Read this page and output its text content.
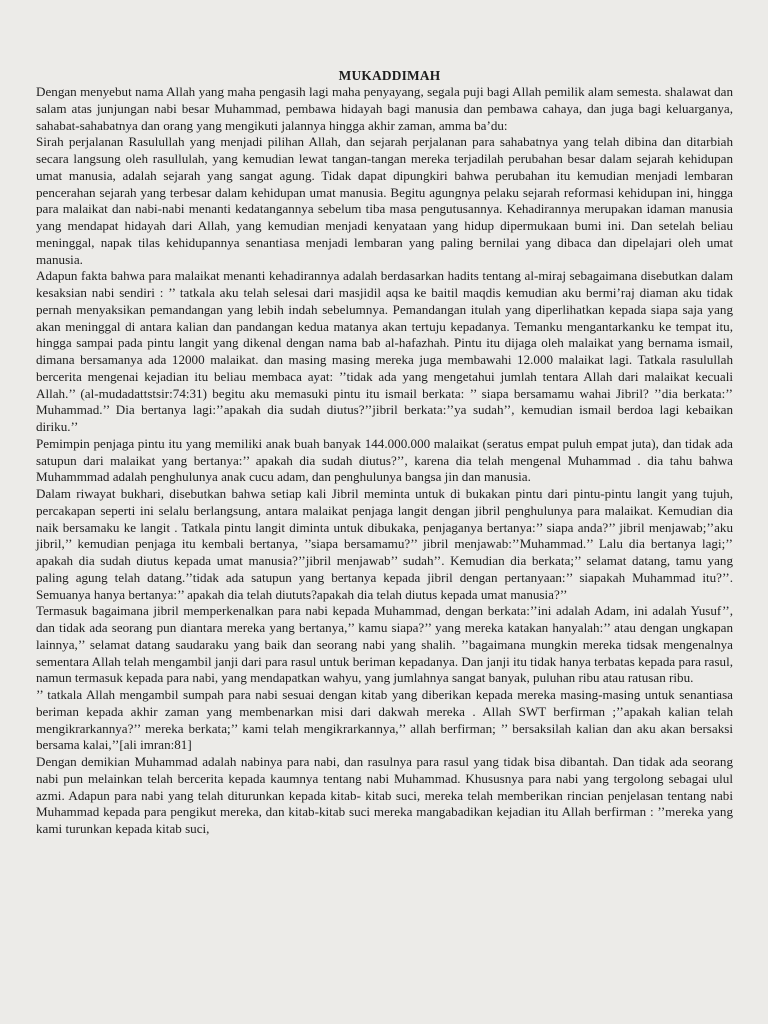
MUKADDIMAH

Dengan menyebut nama Allah yang maha pengasih lagi maha penyayang, segala puji bagi Allah pemilik alam semesta. shalawat dan salam atas junjungan nabi besar Muhammad, pembawa hidayah bagi manusia dan pembawa cahaya, dan juga bagi keluarganya, sahabat-sahabatnya dan orang yang mengikuti jalannya hingga akhir zaman, amma ba’du:

Sirah perjalanan Rasulullah yang menjadi pilihan Allah, dan sejarah perjalanan para sahabatnya yang telah dibina dan ditarbiah secara langsung oleh rasullulah, yang kemudian lewat tangan-tangan mereka terjadilah perubahan besar dalam sejarah kehidupan umat manusia, adalah sejarah yang sangat agung. Tidak dapat dipungkiri bahwa perubahan itu kemudian menjadi lembaran pencerahan sejarah yang terbesar dalam kehidupan umat manusia. Begitu agungnya pelaku sejarah reformasi kehidupan ini, hingga para malaikat dan nabi-nabi menanti kedatangannya sebelum tiba masa pengutusannya. Kehadirannya merupakan idaman manusia yang mendapat hidayah dari Allah, yang kemudian menjadi kenyataan yang hidup dipermukaan bumi ini. Dan setelah beliau meninggal, napak tilas kehidupannya senantiasa menjadi lembaran yang paling bernilai yang dibaca dan dipelajari oleh umat manusia.

Adapun fakta bahwa para malaikat menanti kehadirannya adalah berdasarkan hadits tentang al-miraj sebagaimana disebutkan dalam kesaksian nabi sendiri : ’’ tatkala aku telah selesai dari masjidil aqsa ke baitil maqdis kemudian aku bermi’raj diaman aku tidak pernah menyaksikan pemandangan yang lebih indah sebelumnya. Pemandangan itulah yang diperlihatkan kepada siapa saja yang akan meninggal di antara kalian dan pandangan kedua matanya akan tertuju kepadanya. Temanku mengantarkanku ke tempat itu, hingga sampai pada pintu langit yang dikenal dengan nama bab al-hafazhah. Pintu itu dijaga oleh malaikat yang bernama ismail, dimana bersamanya ada 12000 malaikat. dan masing masing mereka juga membawahi 12.000 malaikat lagi. Tatkala rasulullah bercerita mengenai kejadian itu beliau membaca ayat: ’’tidak ada yang mengetahui jumlah tentara Allah dari malaikat kecuali Allah.’’ (al-mudadattstsir:74:31) begitu aku memasuki pintu itu ismail berkata: ’’ siapa bersamamu wahai Jibril? ’’dia berkata:’’ Muhammad.’’ Dia bertanya lagi:’’apakah dia sudah diutus?’’jibril berkata:’’ya sudah’’, kemudian ismail berdoa lagi kebaikan diriku.’’

Pemimpin penjaga pintu itu yang memiliki anak buah banyak 144.000.000 malaikat (seratus empat puluh empat juta), dan tidak ada satupun dari malaikat yang bertanya:’’ apakah dia sudah diutus?’’, karena dia telah mengenal Muhammad . dia tahu bahwa Muhammmad adalah penghulunya anak cucu adam, dan penghulunya bangsa jin dan manusia.

Dalam riwayat bukhari, disebutkan bahwa setiap kali Jibril meminta untuk di bukakan pintu dari pintu-pintu langit yang tujuh, percakapan seperti ini selalu berlangsung, antara malaikat penjaga langit dengan jibril penghulunya para malaikat. Kemudian dia naik bersamaku ke langit . Tatkala pintu langit diminta untuk dibukaka, penjaganya bertanya:’’ siapa anda?’’ jibril menjawab;’’aku jibril,’’ kemudian penjaga itu kembali bertanya, ’’siapa bersamamu?’’ jibril menjawab:’’Muhammad.’’ Lalu dia bertanya lagi;’’ apakah dia sudah diutus kepada umat manusia?’’jibril menjawab’’ sudah’’. Kemudian dia berkata;’’ selamat datang, tamu yang paling agung telah datang.’’tidak ada satupun yang bertanya kepada jibril dengan pertanyaan:’’ siapakah Muhammad itu?’’. Semuanya hanya bertanya:’’ apakah dia telah diututs?apakah dia telah diutus kepada umat manusia?’’

Termasuk bagaimana jibril memperkenalkan para nabi kepada Muhammad, dengan berkata:’’ini adalah Adam, ini adalah Yusuf’’, dan tidak ada seorang pun diantara mereka yang bertanya,’’ kamu siapa?’’ yang mereka katakan hanyalah:’’ atau dengan ungkapan lainnya,’’ selamat datang saudaraku yang baik dan seorang nabi yang shalih. ’’bagaimana mungkin mereka tidsak mengenalnya sementara Allah telah mengambil janji dari para rasul untuk beriman kepadanya. Dan janji itu tidak hanya terbatas kepada para rasul, namun termasuk kepada para nabi, yang mendapatkan wahyu, yang jumlahnya sangat banyak, puluhan ribu atau ratusan ribu.

’’ tatkala Allah mengambil sumpah para nabi sesuai dengan kitab yang diberikan kepada mereka masing-masing untuk senantiasa beriman kepada akhir zaman yang membenarkan misi dari dakwah mereka . Allah SWT berfirman ;’’apakah kalian telah mengikrarkannya?’’ mereka berkata;’’ kami telah mengikrarkannya,’’ allah berfirman; ’’ bersaksilah kalian dan aku akan bersaksi bersama kalai,’’[ali imran:81]

Dengan demikian Muhammad adalah nabinya para nabi, dan rasulnya para rasul yang tidak bisa dibantah. Dan tidak ada seorang nabi pun melainkan telah bercerita kepada kaumnya tentang nabi Muhammad. Khususnya para nabi yang tergolong sebagai ulul azmi. Adapun para nabi yang telah diturunkan kepada kitab- kitab suci, mereka telah memberikan rincian penjelasan tentang nabi Muhammad kepada para pengikut mereka, dan kitab-kitab suci mereka mangabadikan kejadian itu Allah berfirman : ’’mereka yang kami turunkan kepada kitab suci,
